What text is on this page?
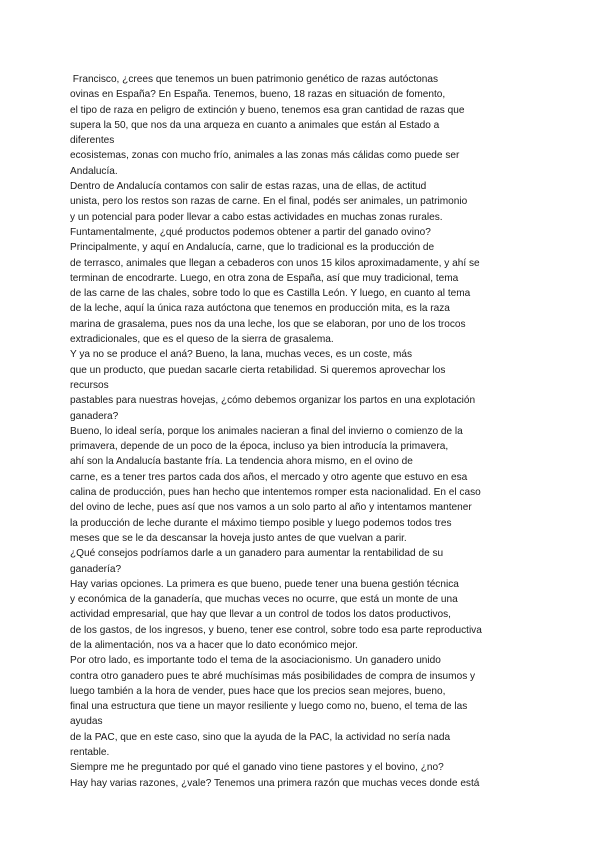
Francisco, ¿crees que tenemos un buen patrimonio genético de razas autóctonas
ovinas en España? En España. Tenemos, bueno, 18 razas en situación de fomento,
el tipo de raza en peligro de extinción y bueno, tenemos esa gran cantidad de razas que
supera la 50, que nos da una arqueza en cuanto a animales que están al Estado a
diferentes
ecosistemas, zonas con mucho frío, animales a las zonas más cálidas como puede ser
Andalucía.
Dentro de Andalucía contamos con salir de estas razas, una de ellas, de actitud
unista, pero los restos son razas de carne. En el final, podés ser animales, un patrimonio
y un potencial para poder llevar a cabo estas actividades en muchas zonas rurales.
Funtamentalmente, ¿qué productos podemos obtener a partir del ganado ovino?
Principalmente, y aquí en Andalucía, carne, que lo tradicional es la producción de
de terrasco, animales que llegan a cebaderos con unos 15 kilos aproximadamente, y ahí se
terminan de encodrarte. Luego, en otra zona de España, así que muy tradicional, tema
de las carne de las chales, sobre todo lo que es Castilla León. Y luego, en cuanto al tema
de la leche, aquí la única raza autóctona que tenemos en producción mita, es la raza
marina de grasalema, pues nos da una leche, los que se elaboran, por uno de los trocos
extradicionales, que es el queso de la sierra de grasalema.
Y ya no se produce el aná? Bueno, la lana, muchas veces, es un coste, más
que un producto, que puedan sacarle cierta retabilidad. Si queremos aprovechar los
recursos
pastables para nuestras hovejas, ¿cómo debemos organizar los partos en una explotación
ganadera?
Bueno, lo ideal sería, porque los animales nacieran a final del invierno o comienzo de la
primavera, depende de un poco de la época, incluso ya bien introducía la primavera,
ahí son la Andalucía bastante fría. La tendencia ahora mismo, en el ovino de
carne, es a tener tres partos cada dos años, el mercado y otro agente que estuvo en esa
calina de producción, pues han hecho que intentemos romper esta nacionalidad. En el caso
del ovino de leche, pues así que nos vamos a un solo parto al año y intentamos mantener
la producción de leche durante el máximo tiempo posible y luego podemos todos tres
meses que se le da descansar la hoveja justo antes de que vuelvan a parir.
¿Qué consejos podríamos darle a un ganadero para aumentar la rentabilidad de su
ganadería?
Hay varias opciones. La primera es que bueno, puede tener una buena gestión técnica
y económica de la ganadería, que muchas veces no ocurre, que está un monte de una
actividad empresarial, que hay que llevar a un control de todos los datos productivos,
de los gastos, de los ingresos, y bueno, tener ese control, sobre todo esa parte reproductiva
de la alimentación, nos va a hacer que lo dato económico mejor.
Por otro lado, es importante todo el tema de la asociacionismo. Un ganadero unido
contra otro ganadero pues te abré muchísimas más posibilidades de compra de insumos y
luego también a la hora de vender, pues hace que los precios sean mejores, bueno,
final una estructura que tiene un mayor resiliente y luego como no, bueno, el tema de las
ayudas
de la PAC, que en este caso, sino que la ayuda de la PAC, la actividad no sería nada
rentable.
Siempre me he preguntado por qué el ganado vino tiene pastores y el bovino, ¿no?
Hay hay varias razones, ¿vale? Tenemos una primera razón que muchas veces donde está
